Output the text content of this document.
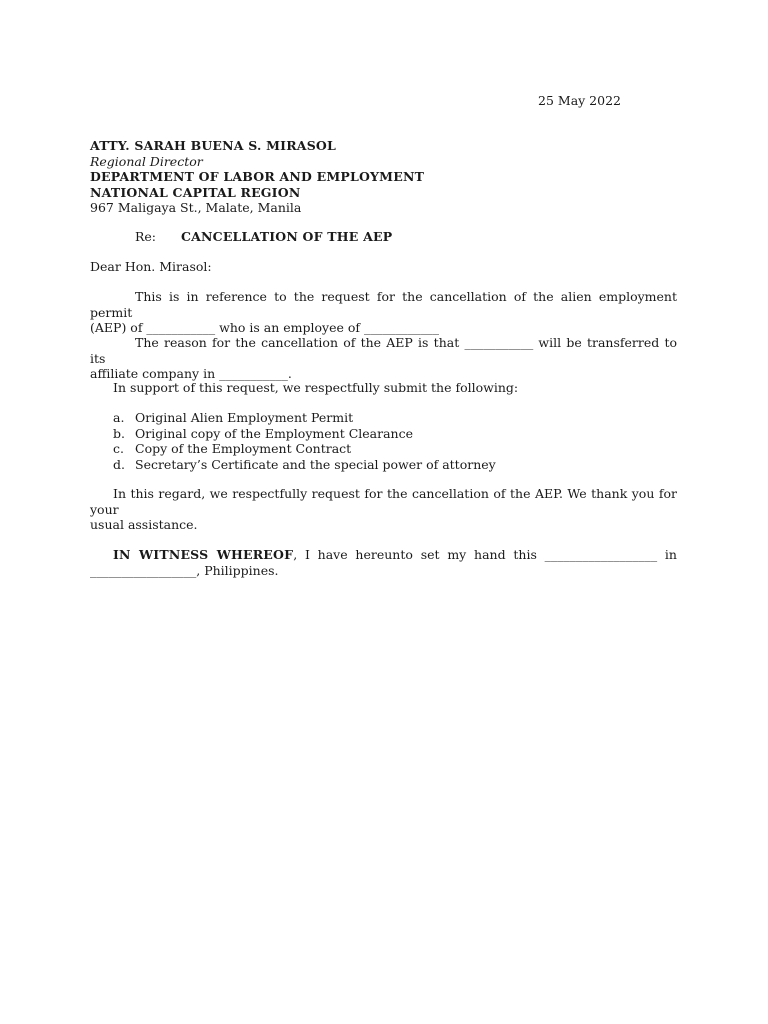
25 May 2022
ATTY. SARAH BUENA S. MIRASOL
Regional Director
DEPARTMENT OF LABOR AND EMPLOYMENT
NATIONAL CAPITAL REGION
967 Maligaya St., Malate, Manila
Re: CANCELLATION OF THE AEP
Dear Hon. Mirasol:
This is in reference to the request for the cancellation of the alien employment permit
(AEP) of ___________ who is an employee of ____________
The reason for the cancellation of the AEP is that ___________ will be transferred to its
affiliate company in ___________.
In support of this request, we respectfully submit the following:
a. Original Alien Employment Permit
b. Original copy of the Employment Clearance
c. Copy of the Employment Contract
d. Secretary’s Certificate and the special power of attorney
In this regard, we respectfully request for the cancellation of the AEP. We thank you for your
usual assistance.
IN WITNESS WHEREOF, I have hereunto set my hand this __________________ in
_________________, Philippines.
